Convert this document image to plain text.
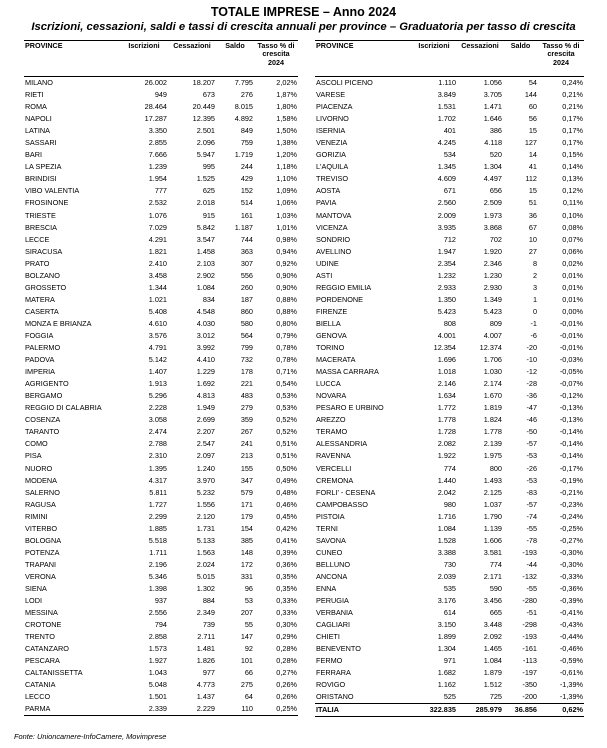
TOTALE IMPRESE – Anno 2024
Iscrizioni, cessazioni, saldi e tassi di crescita annuali per province – Graduatoria per tasso di crescita
PROVINCE	Iscrizioni	Cessazioni	Saldo	Tasso % di crescita 2024
MILANO	26.002	18.207	7.795	2,02%
RIETI	949	673	276	1,87%
ROMA	28.464	20.449	8.015	1,80%
NAPOLI	17.287	12.395	4.892	1,58%
LATINA	3.350	2.501	849	1,50%
SASSARI	2.855	2.096	759	1,38%
BARI	7.666	5.947	1.719	1,20%
LA SPEZIA	1.239	995	244	1,18%
BRINDISI	1.954	1.525	429	1,10%
VIBO VALENTIA	777	625	152	1,09%
FROSINONE	2.532	2.018	514	1,06%
TRIESTE	1.076	915	161	1,03%
BRESCIA	7.029	5.842	1.187	1,01%
LECCE	4.291	3.547	744	0,98%
SIRACUSA	1.821	1.458	363	0,94%
PRATO	2.410	2.103	307	0,92%
BOLZANO	3.458	2.902	556	0,90%
GROSSETO	1.344	1.084	260	0,90%
MATERA	1.021	834	187	0,88%
CASERTA	5.408	4.548	860	0,88%
MONZA E BRIANZA	4.610	4.030	580	0,80%
FOGGIA	3.576	3.012	564	0,79%
PALERMO	4.791	3.992	799	0,78%
PADOVA	5.142	4.410	732	0,78%
IMPERIA	1.407	1.229	178	0,71%
AGRIGENTO	1.913	1.692	221	0,54%
BERGAMO	5.296	4.813	483	0,53%
REGGIO DI CALABRIA	2.228	1.949	279	0,53%
COSENZA	3.058	2.699	359	0,52%
TARANTO	2.474	2.207	267	0,52%
COMO	2.788	2.547	241	0,51%
PISA	2.310	2.097	213	0,51%
NUORO	1.395	1.240	155	0,50%
MODENA	4.317	3.970	347	0,49%
SALERNO	5.811	5.232	579	0,48%
RAGUSA	1.727	1.556	171	0,46%
RIMINI	2.299	2.120	179	0,45%
VITERBO	1.885	1.731	154	0,42%
BOLOGNA	5.518	5.133	385	0,41%
POTENZA	1.711	1.563	148	0,39%
TRAPANI	2.196	2.024	172	0,36%
VERONA	5.346	5.015	331	0,35%
SIENA	1.398	1.302	96	0,35%
LODI	937	884	53	0,33%
MESSINA	2.556	2.349	207	0,33%
CROTONE	794	739	55	0,30%
TRENTO	2.858	2.711	147	0,29%
CATANZARO	1.573	1.481	92	0,28%
PESCARA	1.927	1.826	101	0,28%
CALTANISSETTA	1.043	977	66	0,27%
CATANIA	5.048	4.773	275	0,26%
LECCO	1.501	1.437	64	0,26%
PARMA	2.339	2.229	110	0,25%
PROVINCE	Iscrizioni	Cessazioni	Saldo	Tasso % di crescita 2024
ASCOLI PICENO	1.110	1.056	54	0,24%
VARESE	3.849	3.705	144	0,21%
PIACENZA	1.531	1.471	60	0,21%
LIVORNO	1.702	1.646	56	0,17%
ISERNIA	401	386	15	0,17%
VENEZIA	4.245	4.118	127	0,17%
GORIZIA	534	520	14	0,15%
L'AQUILA	1.345	1.304	41	0,14%
TREVISO	4.609	4.497	112	0,13%
AOSTA	671	656	15	0,12%
PAVIA	2.560	2.509	51	0,11%
MANTOVA	2.009	1.973	36	0,10%
VICENZA	3.935	3.868	67	0,08%
SONDRIO	712	702	10	0,07%
AVELLINO	1.947	1.920	27	0,06%
UDINE	2.354	2.346	8	0,02%
ASTI	1.232	1.230	2	0,01%
REGGIO EMILIA	2.933	2.930	3	0,01%
PORDENONE	1.350	1.349	1	0,01%
FIRENZE	5.423	5.423	0	0,00%
BIELLA	808	809	-1	-0,01%
GENOVA	4.001	4.007	-6	-0,01%
TORINO	12.354	12.374	-20	-0,01%
MACERATA	1.696	1.706	-10	-0,03%
MASSA CARRARA	1.018	1.030	-12	-0,05%
LUCCA	2.146	2.174	-28	-0,07%
NOVARA	1.634	1.670	-36	-0,12%
PESARO E URBINO	1.772	1.819	-47	-0,13%
AREZZO	1.778	1.824	-46	-0,13%
TERAMO	1.728	1.778	-50	-0,14%
ALESSANDRIA	2.082	2.139	-57	-0,14%
RAVENNA	1.922	1.975	-53	-0,14%
VERCELLI	774	800	-26	-0,17%
CREMONA	1.440	1.493	-53	-0,19%
FORLI' - CESENA	2.042	2.125	-83	-0,21%
CAMPOBASSO	980	1.037	-57	-0,23%
PISTOIA	1.716	1.790	-74	-0,24%
TERNI	1.084	1.139	-55	-0,25%
SAVONA	1.528	1.606	-78	-0,27%
CUNEO	3.388	3.581	-193	-0,30%
BELLUNO	730	774	-44	-0,30%
ANCONA	2.039	2.171	-132	-0,33%
ENNA	535	590	-55	-0,36%
PERUGIA	3.176	3.456	-280	-0,39%
VERBANIA	614	665	-51	-0,41%
CAGLIARI	3.150	3.448	-298	-0,43%
CHIETI	1.899	2.092	-193	-0,44%
BENEVENTO	1.304	1.465	-161	-0,46%
FERMO	971	1.084	-113	-0,59%
FERRARA	1.682	1.879	-197	-0,61%
ROVIGO	1.162	1.512	-350	-1,39%
ORISTANO	525	725	-200	-1,39%
ITALIA	322.835	285.979	36.856	0,62%
Fonte: Unioncamere-InfoCamere, Movimprese
